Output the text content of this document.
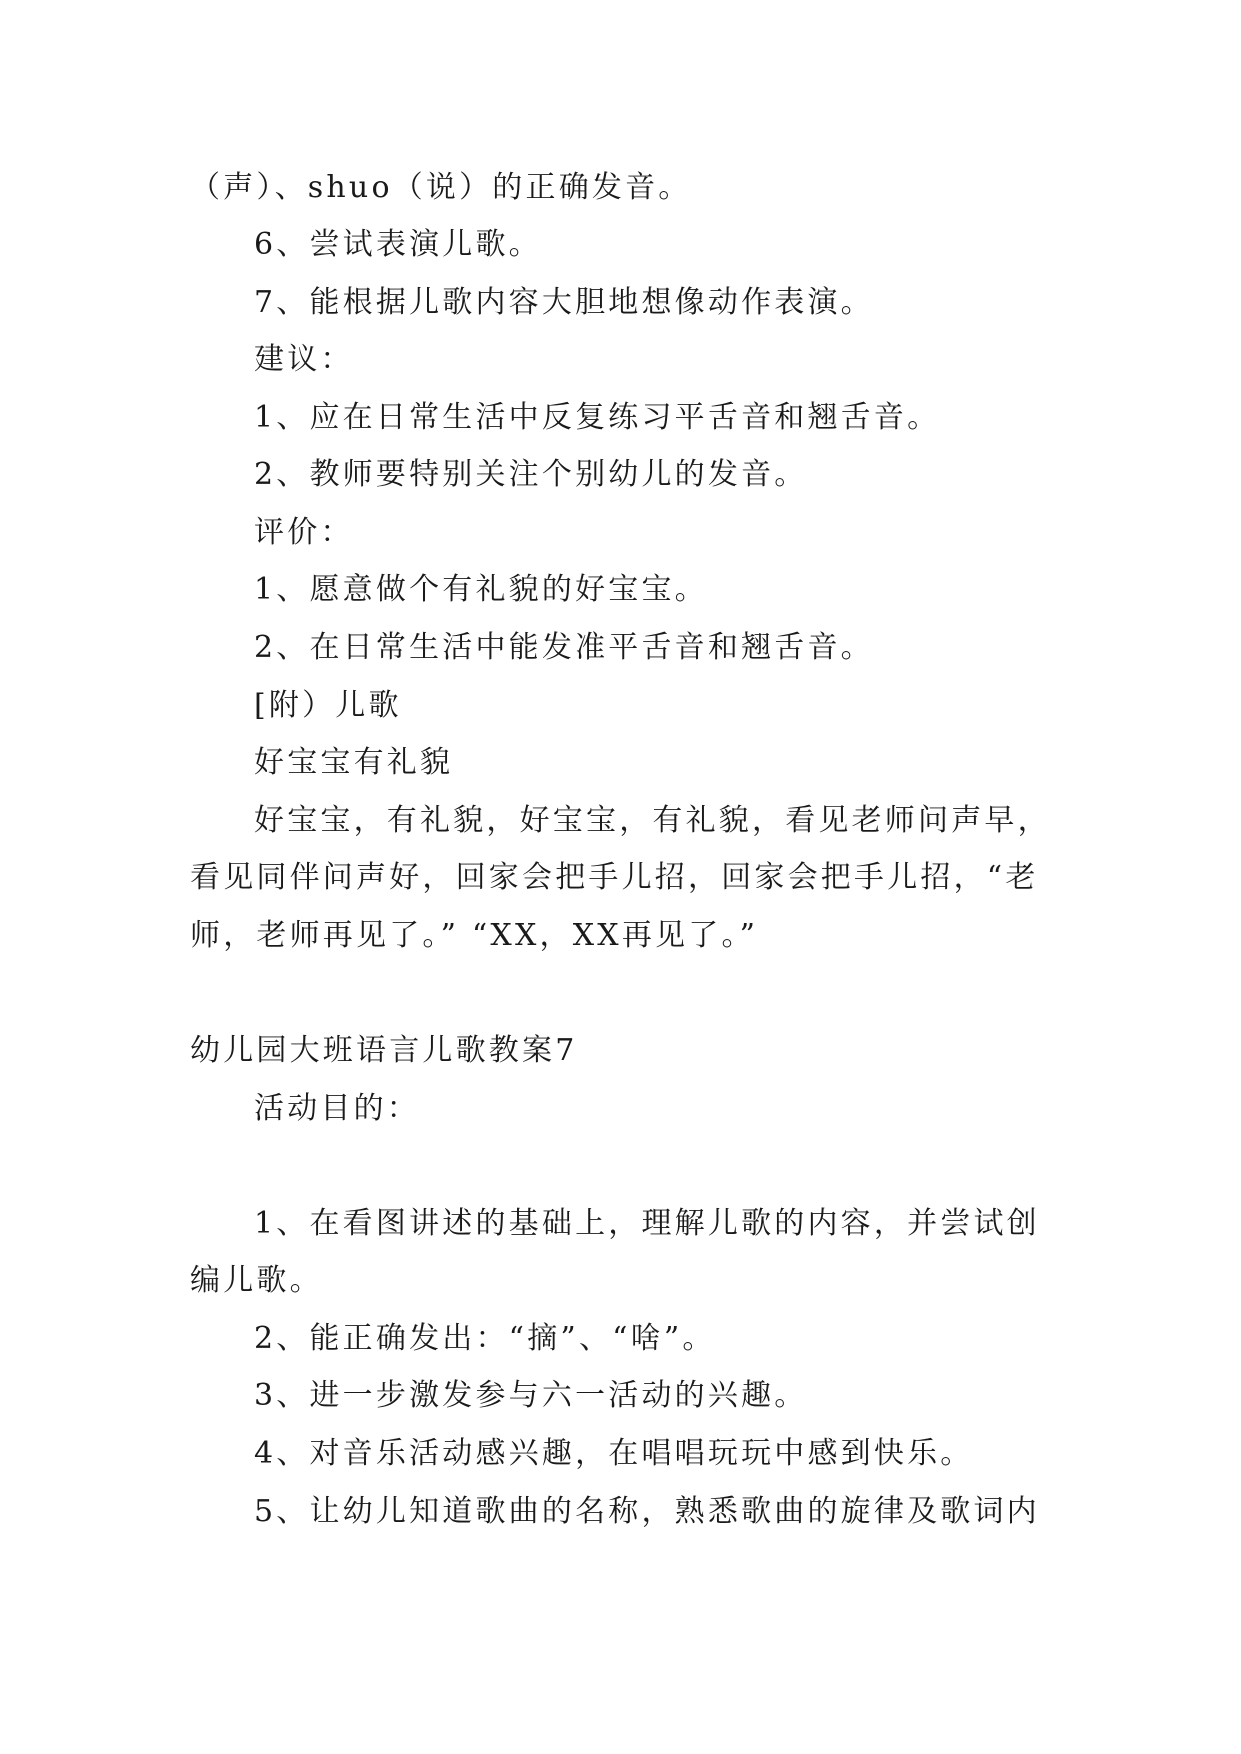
（声）、shuo（说）的正确发音。
6、尝试表演儿歌。
7、能根据儿歌内容大胆地想像动作表演。
建议：
1、应在日常生活中反复练习平舌音和翘舌音。
2、教师要特别关注个别幼儿的发音。
评价：
1、愿意做个有礼貌的好宝宝。
2、在日常生活中能发准平舌音和翘舌音。
[附）儿歌
好宝宝有礼貌
好宝宝，有礼貌，好宝宝，有礼貌，看见老师问声早，
看见同伴问声好，回家会把手儿招，回家会把手儿招，“老
师，老师再见了。” “XX，XX再见了。”
幼儿园大班语言儿歌教案7
活动目的：
1、在看图讲述的基础上，理解儿歌的内容，并尝试创
编儿歌。
2、能正确发出：“摘”、“啥”。
3、进一步激发参与六一活动的兴趣。
4、对音乐活动感兴趣，在唱唱玩玩中感到快乐。
5、让幼儿知道歌曲的名称，熟悉歌曲的旋律及歌词内
